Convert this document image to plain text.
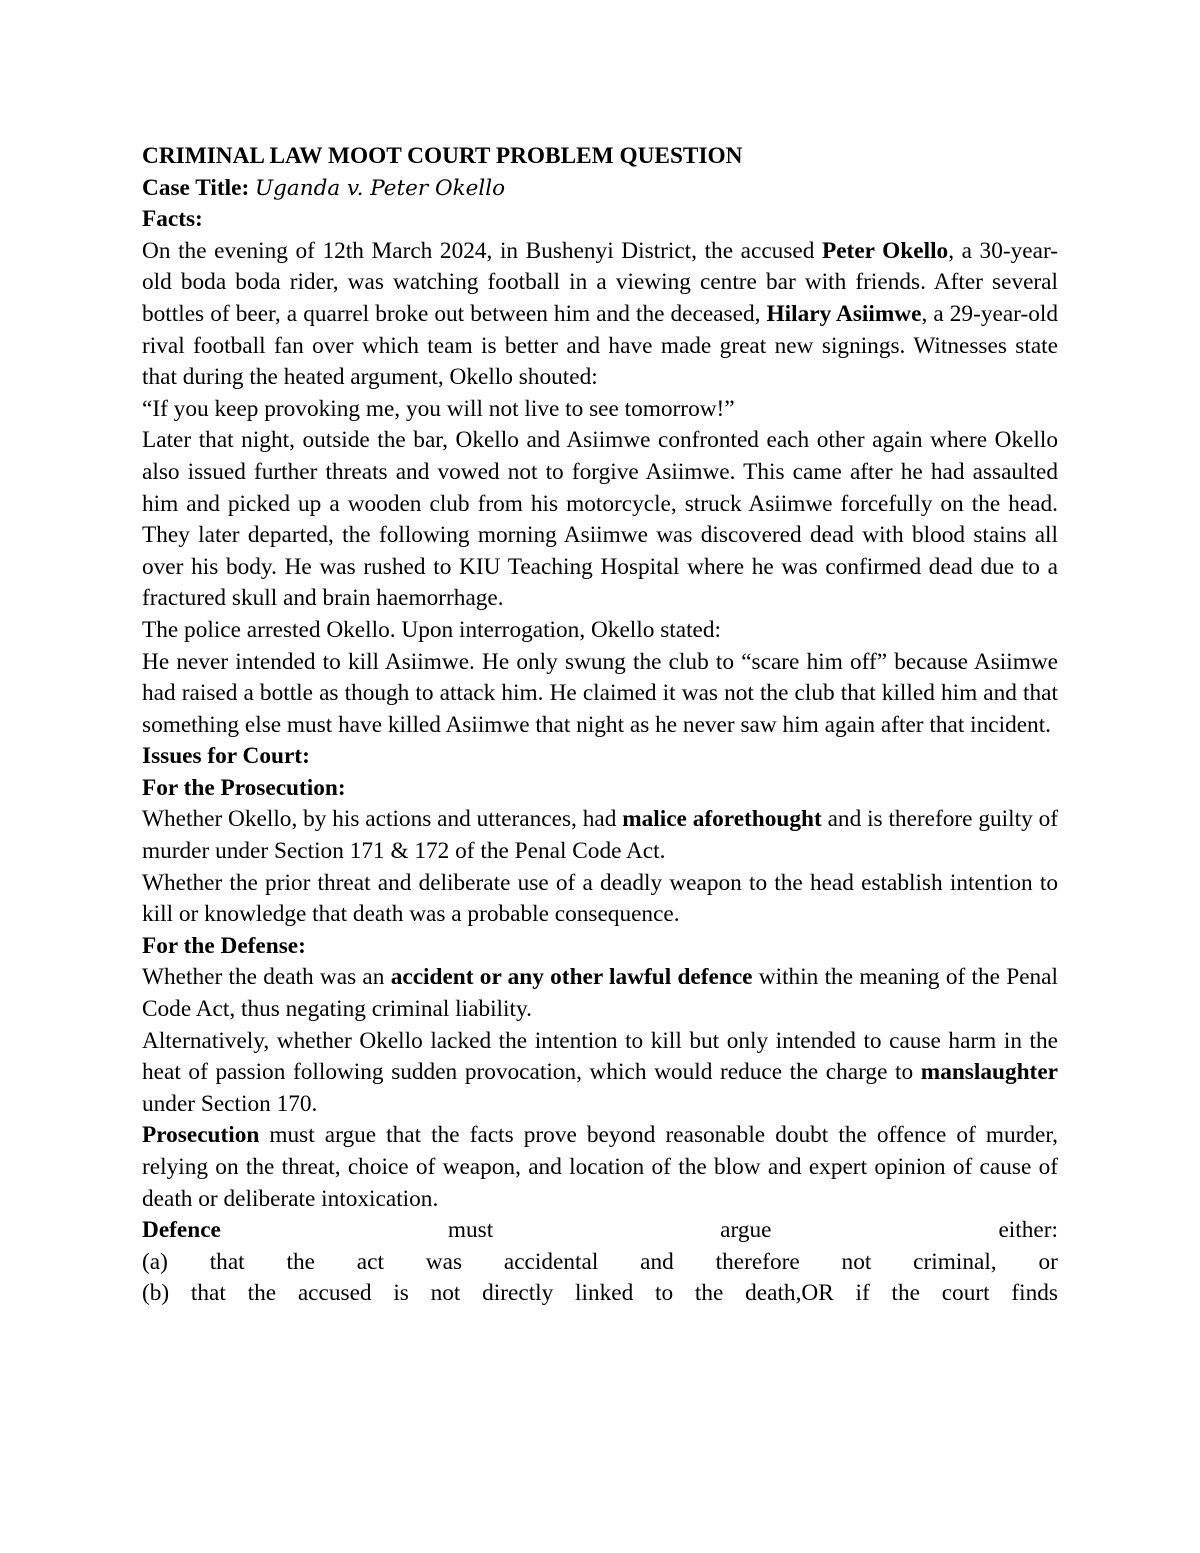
CRIMINAL LAW MOOT COURT PROBLEM QUESTION

Case Title: Uganda v. Peter Okello

Facts:

On the evening of 12th March 2024, in Bushenyi District, the accused Peter Okello, a 30-year-old boda boda rider, was watching football in a viewing centre bar with friends. After several bottles of beer, a quarrel broke out between him and the deceased, Hilary Asiimwe, a 29-year-old rival football fan over which team is better and have made great new signings. Witnesses state that during the heated argument, Okello shouted:

“If you keep provoking me, you will not live to see tomorrow!”

Later that night, outside the bar, Okello and Asiimwe confronted each other again where Okello also issued further threats and vowed not to forgive Asiimwe. This came after he had assaulted him and picked up a wooden club from his motorcycle, struck Asiimwe forcefully on the head. They later departed, the following morning Asiimwe was discovered dead with blood stains all over his body. He was rushed to KIU Teaching Hospital where he was confirmed dead due to a fractured skull and brain haemorrhage.

The police arrested Okello. Upon interrogation, Okello stated:

He never intended to kill Asiimwe. He only swung the club to “scare him off” because Asiimwe had raised a bottle as though to attack him. He claimed it was not the club that killed him and that something else must have killed Asiimwe that night as he never saw him again after that incident.

Issues for Court:

For the Prosecution:

Whether Okello, by his actions and utterances, had malice aforethought and is therefore guilty of murder under Section 171 & 172 of the Penal Code Act.

Whether the prior threat and deliberate use of a deadly weapon to the head establish intention to kill or knowledge that death was a probable consequence.

For the Defense:

Whether the death was an accident or any other lawful defence within the meaning of the Penal Code Act, thus negating criminal liability.

Alternatively, whether Okello lacked the intention to kill but only intended to cause harm in the heat of passion following sudden provocation, which would reduce the charge to manslaughter under Section 170.

Prosecution must argue that the facts prove beyond reasonable doubt the offence of murder, relying on the threat, choice of weapon, and location of the blow and expert opinion of cause of death or deliberate intoxication.

Defence	must	argue	either:
(a) that the act was accidental and therefore not criminal, or
(b) that the accused is not directly linked to the death,OR if the court finds
